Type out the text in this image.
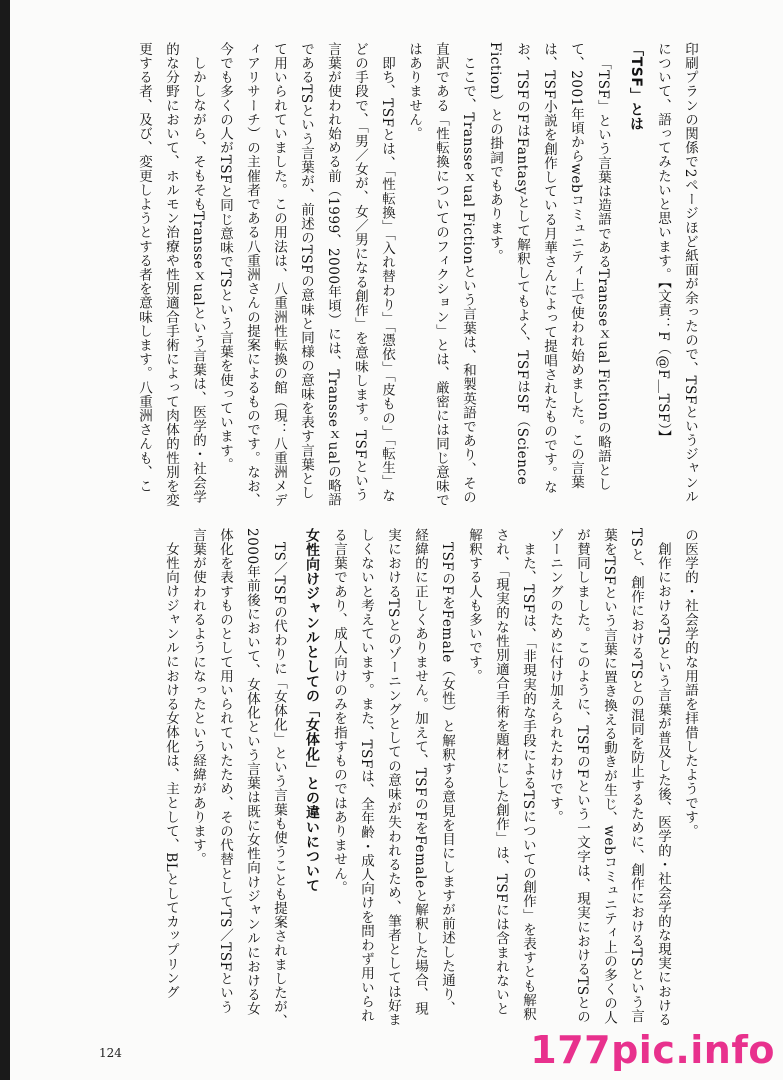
印刷プランの関係で2ページほど紙面が余ったので、TSFというジャンルについて、語ってみたいと思います。【文責：F（@F＿TSF）】

「TSF」とは

「TSF」という言葉は造語であるTransseｘual Fictionの略語として、2001年頃からwebコミュニティ上で使われ始めました。この言葉は、TSF小説を創作している月華さんによって提唱されたものです。なお、TSFのFはFantasyとして解釈してもよく、TSFはSF（Science Fiction）との掛詞でもあります。

ここで、Transseｘual Fictionという言葉は、和製英語であり、その直訳である「性転換についてのフィクション」とは、厳密には同じ意味ではありません。

即ち、TSFとは、「性転換」「入れ替わり」「憑依」「皮もの」「転生」などの手段で、「男／女が、女／男になる創作」を意味します。TSFという言葉が使われ始める前（1999、2000年頃）には、Transseｘualの略語であるTSという言葉が、前述のTSFの意味と同様の意味を表す言葉として用いられていました。この用法は、八重洲性転換の館（現：八重洲メディアリサーチ）の主催者である八重洲さんの提案によるものです。なお、今でも多くの人がTSFと同じ意味でTSという言葉を使っています。

しかしながら、そもそもTransseｘualという言葉は、医学的・社会学的な分野において、ホルモン治療や性別適合手術によって肉体的性別を変更する者、及び、変更しようとする者を意味します。八重洲さんも、こ

の医学的・社会学的な用語を拝借したようです。

創作におけるTSという言葉が普及した後、医学的・社会学的な現実におけるTSと、創作におけるTSとの混同を防止するために、創作におけるTSという言葉をTSFという言葉に置き換える動きが生じ、webコミュニティ上の多くの人が賛同しました。このように、TSFのFという一文字は、現実におけるTSとのゾーニングのために付け加えられたわけです。

また、TSFは、「非現実的な手段によるTSについての創作」を表すとも解釈され、「現実的な性別適合手術を題材にした創作」は、TSFには含まれないと解釈する人も多いです。

TSFのFをFemale（女性）と解釈する意見を目にしますが前述した通り、経緯的に正しくありません。加えて、TSFのFをFemaleと解釈した場合、現実におけるTSとのゾーニングとしての意味が失われるため、筆者としては好ましくないと考えています。また、TSFは、全年齢・成人向けを問わず用いられる言葉であり、成人向けのみを指すものではありません。

女性向けジャンルとしての「女体化」との違いについて

TS／TSFの代わりに「女体化」という言葉も使うことも提案されましたが、2000年前後において、女体化という言葉は既に女性向けジャンルにおける女体化を表すものとして用いられていたため、その代替としてTS／TSFという言葉が使われるようになったという経緯があります。

女性向けジャンルにおける女体化は、主として、BLとしてカップリング

124	177pic.info
